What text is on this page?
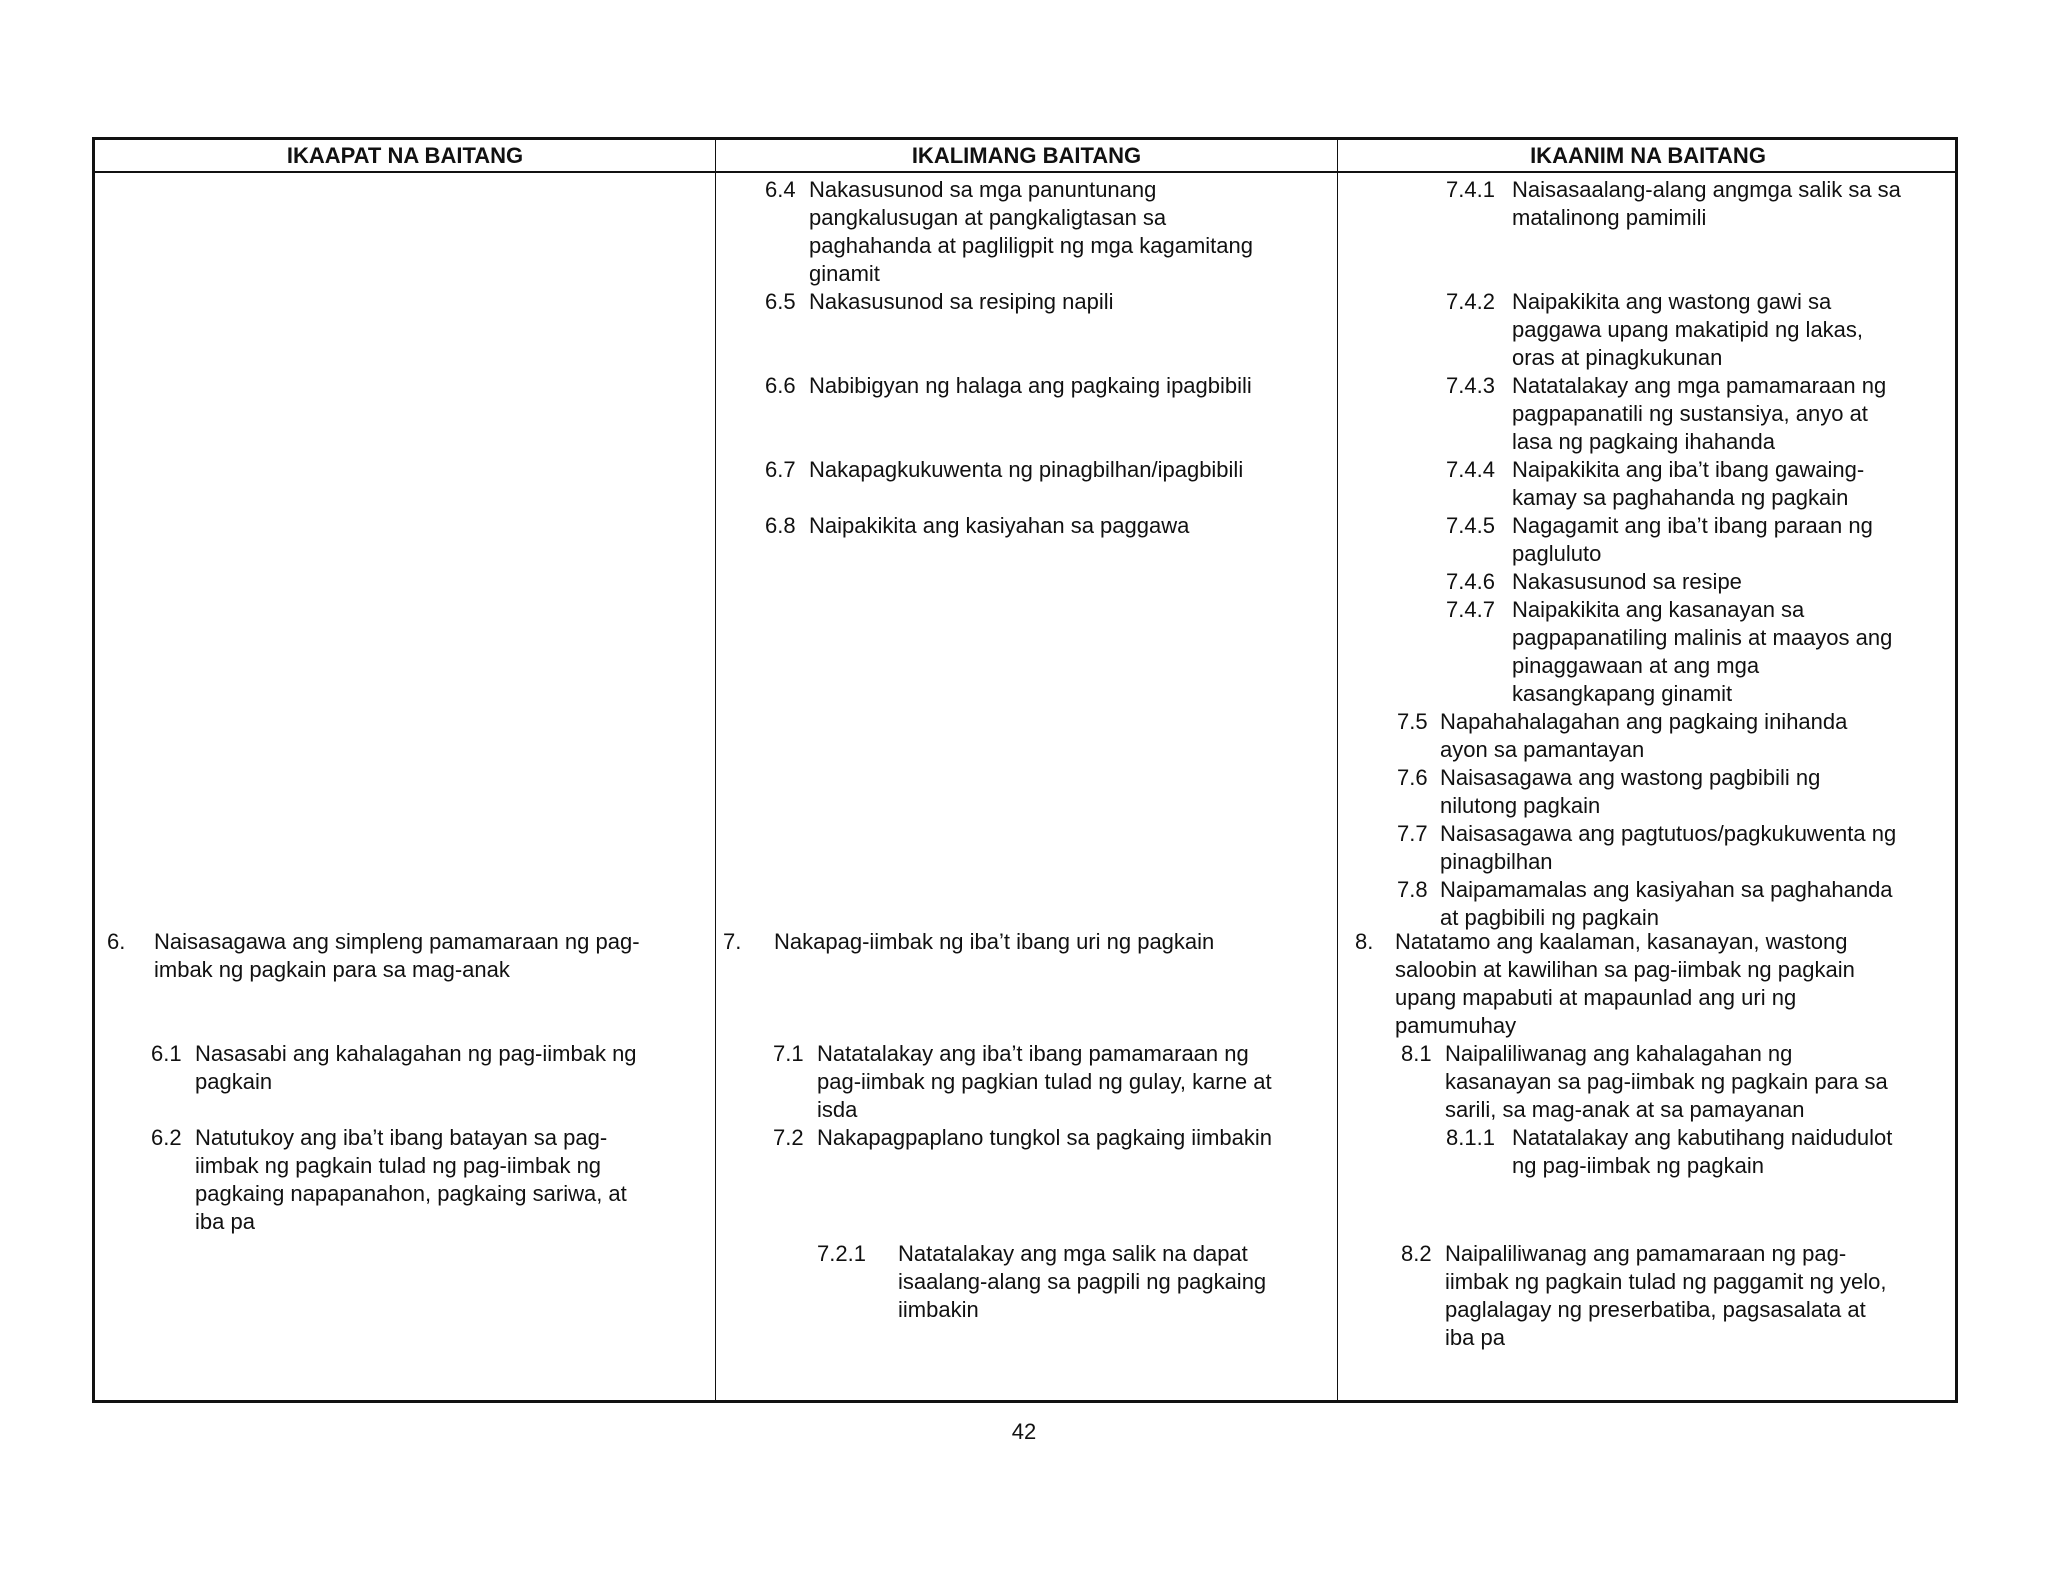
IKAAPAT NA BAITANG	IKALIMANG BAITANG	IKAANIM NA BAITANG
6. Naisasagawa ang simpleng pamamaraan ng pag-
imbak ng pagkain para sa mag-anak
6.1 Nasasabi ang kahalagahan ng pag-iimbak ng
pagkain
6.2 Natutukoy ang iba’t ibang batayan sa pag-
iimbak ng pagkain tulad ng pag-iimbak ng
pagkaing napapanahon, pagkaing sariwa, at
iba pa
6.4 Nakasusunod sa mga panuntunang
pangkalusugan at pangkaligtasan sa
paghahanda at pagliligpit ng mga kagamitang
ginamit
6.5 Nakasusunod sa resiping napili
6.6 Nabibigyan ng halaga ang pagkaing ipagbibili
6.7 Nakapagkukuwenta ng pinagbilhan/ipagbibili
6.8 Naipakikita ang kasiyahan sa paggawa
7. Nakapag-iimbak ng iba’t ibang uri ng pagkain
7.1 Natatalakay ang iba’t ibang pamamaraan ng
pag-iimbak ng pagkian tulad ng gulay, karne at
isda
7.2 Nakapagpaplano tungkol sa pagkaing iimbakin
7.2.1 Natatalakay ang mga salik na dapat
isaalang-alang sa pagpili ng pagkaing
iimbakin
7.4.1 Naisasaalang-alang angmga salik sa sa
matalinong pamimili
7.4.2 Naipakikita ang wastong gawi sa
paggawa upang makatipid ng lakas,
oras at pinagkukunan
7.4.3 Natatalakay ang mga pamamaraan ng
pagpapanatili ng sustansiya, anyo at
lasa ng pagkaing ihahanda
7.4.4 Naipakikita ang iba’t ibang gawaing-
kamay sa paghahanda ng pagkain
7.4.5 Nagagamit ang iba’t ibang paraan ng
pagluluto
7.4.6 Nakasusunod sa resipe
7.4.7 Naipakikita ang kasanayan sa
pagpapanatiling malinis at maayos ang
pinaggawaan at ang mga
kasangkapang ginamit
7.5 Napahahalagahan ang pagkaing inihanda
ayon sa pamantayan
7.6 Naisasagawa ang wastong pagbibili ng
nilutong pagkain
7.7 Naisasagawa ang pagtutuos/pagkukuwenta ng
pinagbilhan
7.8 Naipamamalas ang kasiyahan sa paghahanda
at pagbibili ng pagkain
8. Natatamo ang kaalaman, kasanayan, wastong
saloobin at kawilihan sa pag-iimbak ng pagkain
upang mapabuti at mapaunlad ang uri ng
pamumuhay
8.1 Naipaliliwanag ang kahalagahan ng
kasanayan sa pag-iimbak ng pagkain para sa
sarili, sa mag-anak at sa pamayanan
8.1.1 Natatalakay ang kabutihang naidudulot
ng pag-iimbak ng pagkain
8.2 Naipaliliwanag ang pamamaraan ng pag-
iimbak ng pagkain tulad ng paggamit ng yelo,
paglalagay ng preserbatiba, pagsasalata at
iba pa
42
